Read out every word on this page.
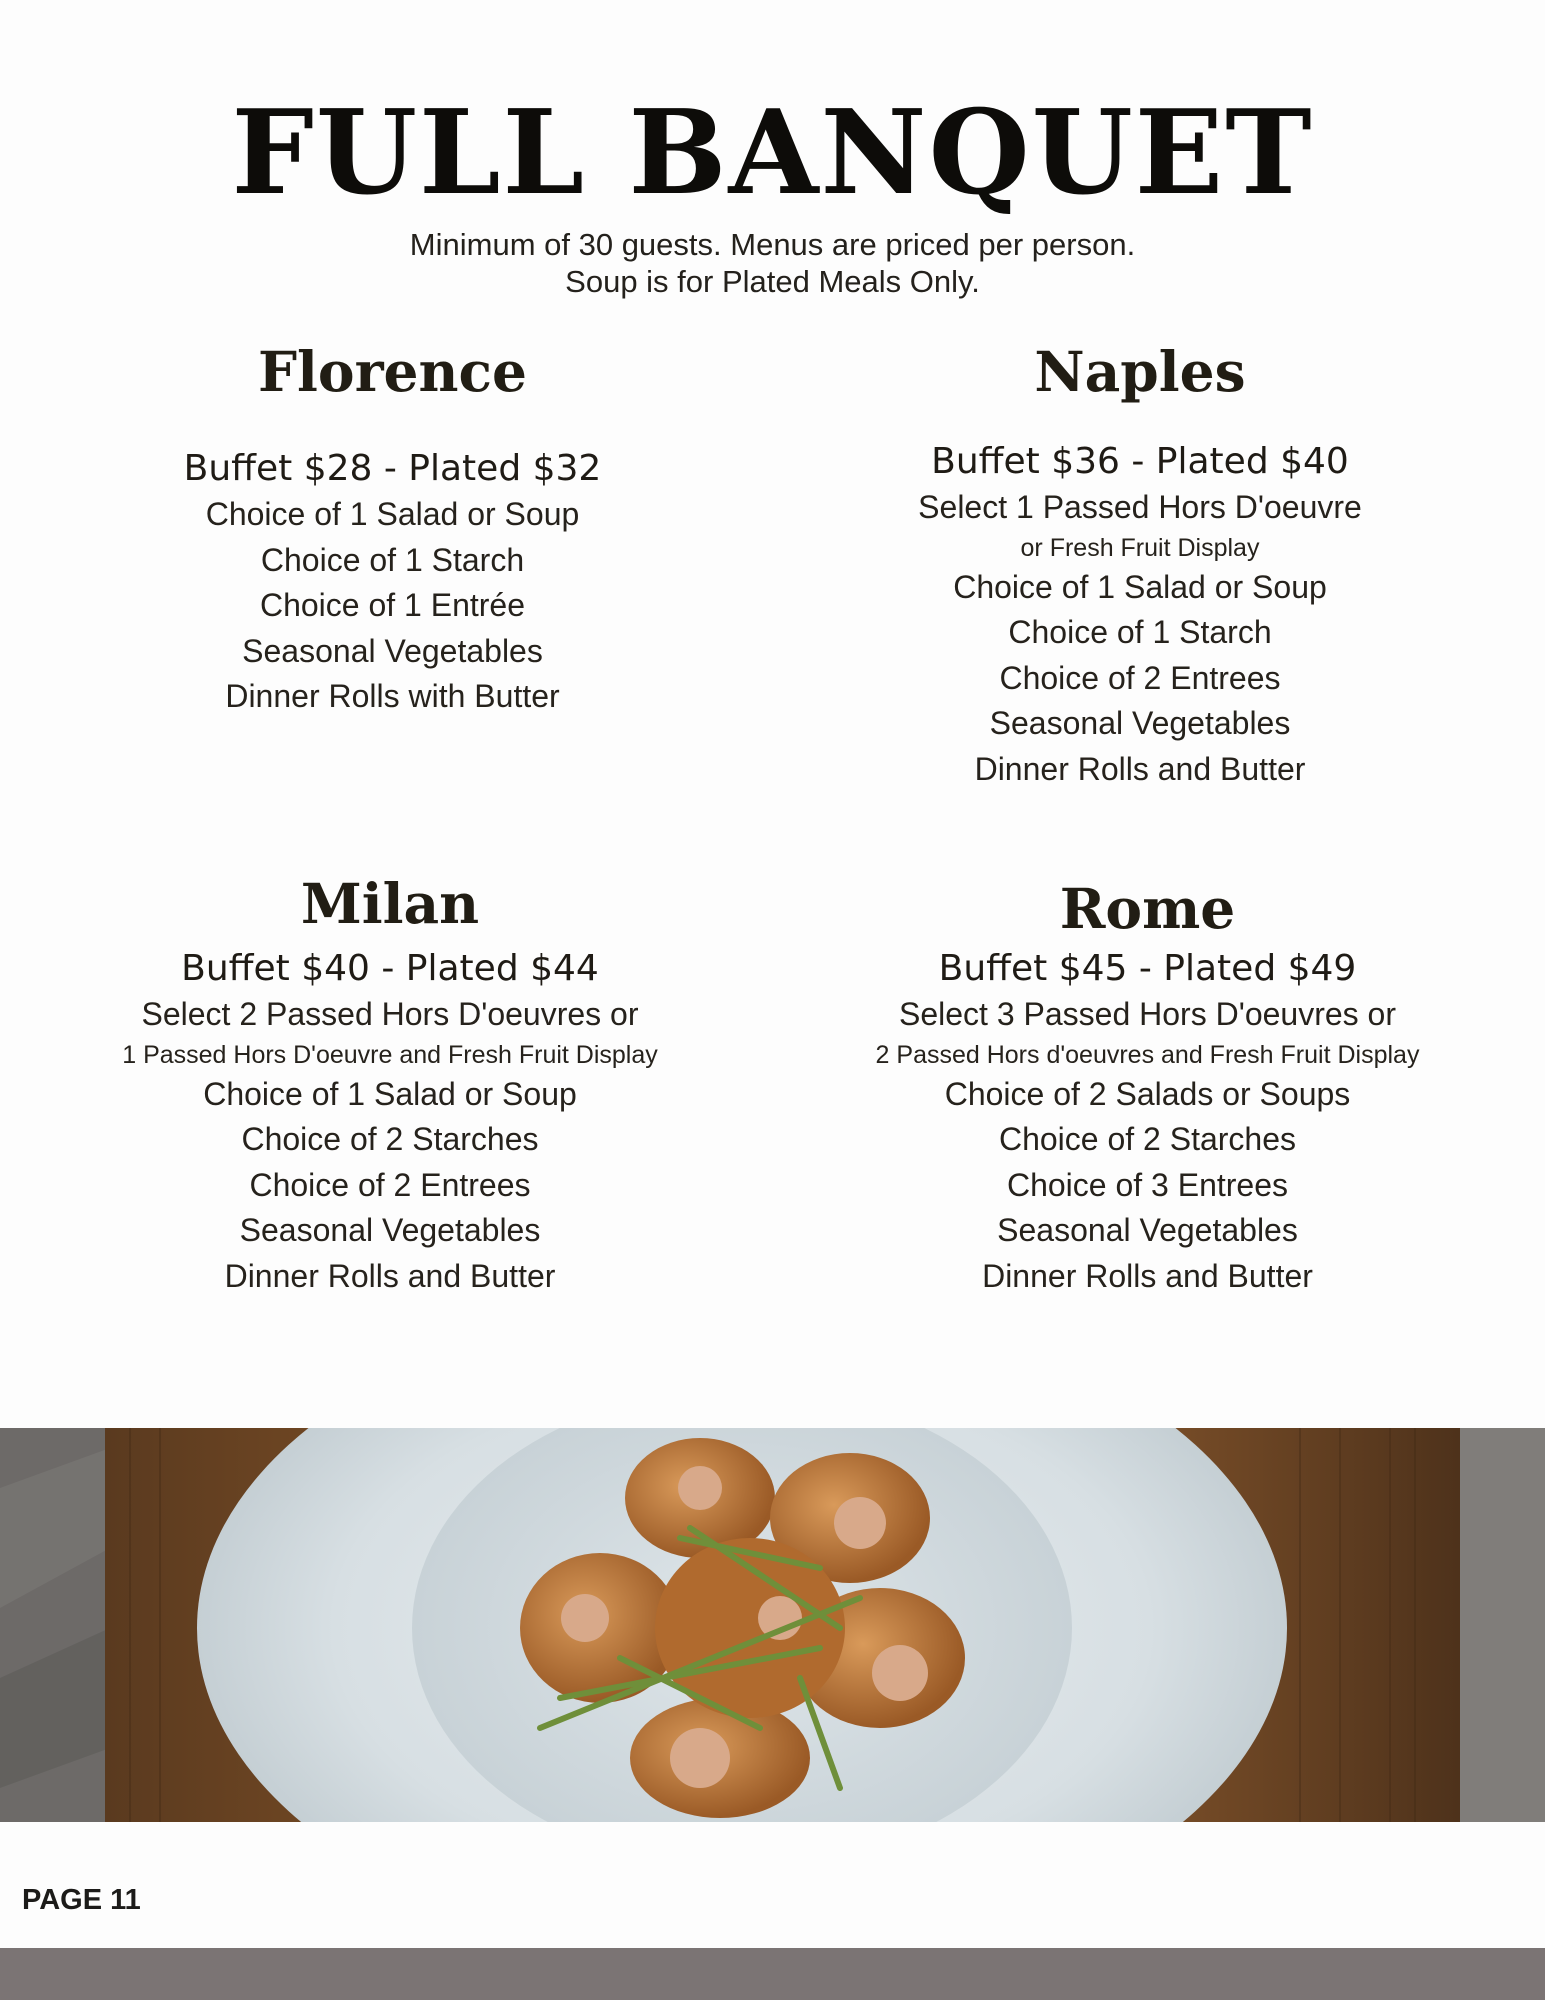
FULL BANQUET
Minimum of 30 guests. Menus are priced per person.
Soup is for Plated Meals Only.
Florence

Buffet $28 - Plated $32

Choice of 1 Salad or Soup
Choice of 1 Starch
Choice of 1 Entrée
Seasonal Vegetables
Dinner Rolls with Butter
Naples

Buffet $36 - Plated $40

Select 1 Passed Hors D'oeuvre
or Fresh Fruit Display
Choice of 1 Salad or Soup
Choice of 1 Starch
Choice of 2 Entrees
Seasonal Vegetables
Dinner Rolls and Butter
Milan

Buffet $40 - Plated $44

Select 2 Passed Hors D'oeuvres or
1 Passed Hors D'oeuvre and Fresh Fruit Display
Choice of 1 Salad or Soup
Choice of 2 Starches
Choice of 2 Entrees
Seasonal Vegetables
Dinner Rolls and Butter
Rome

Buffet $45 - Plated $49

Select 3 Passed Hors D'oeuvres or
2 Passed Hors d'oeuvres and Fresh Fruit Display
Choice of 2 Salads or Soups
Choice of 2 Starches
Choice of 3 Entrees
Seasonal Vegetables
Dinner Rolls and Butter
PAGE 11
